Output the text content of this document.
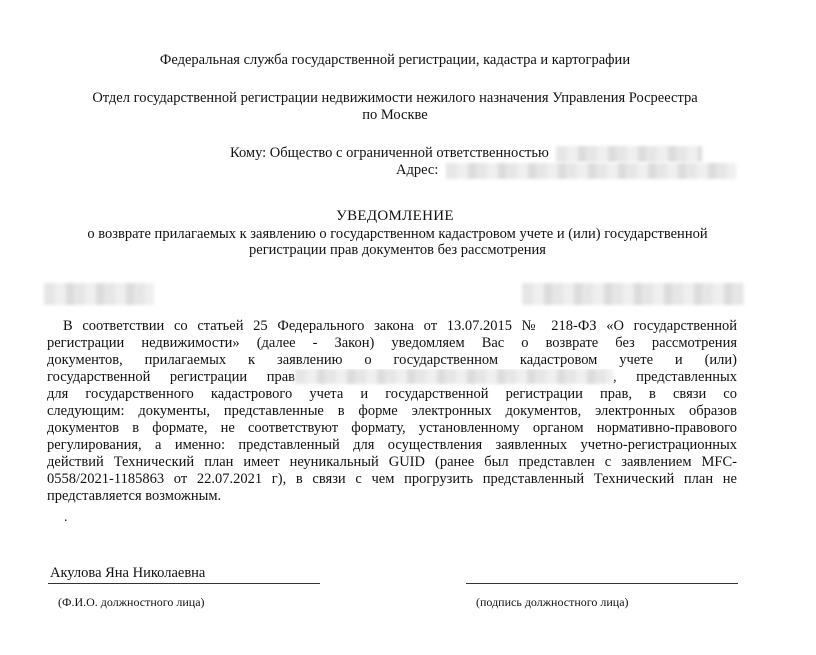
Федеральная служба государственной регистрации, кадастра и картографии
Отдел государственной регистрации недвижимости нежилого назначения Управления Росреестра
по Москве
Кому: Общество с ограниченной ответственностью
Адрес:
УВЕДОМЛЕНИЕ
о возврате прилагаемых к заявлению о государственном кадастровом учете и (или) государственной
регистрации прав документов без рассмотрения
В соответствии со статьей 25 Федерального закона от 13.07.2015 № 218-ФЗ «О государственной
регистрации недвижимости» (далее - Закон) уведомляем Вас о возврате без рассмотрения
документов, прилагаемых к заявлению о государственном кадастровом учете и (или)
государственной регистрации прав	, представленных
для государственного кадастрового учета и государственной регистрации прав, в связи со
следующим: документы, представленные в форме электронных документов, электронных образов
документов в формате, не соответствуют формату, установленному органом нормативно-правового
регулирования, а именно: представленный для осуществления заявленных учетно-регистрационных
действий Технический план имеет неуникальный GUID (ранее был представлен с заявлением MFC-
0558/2021-1185863 от 22.07.2021 г), в связи с чем прогрузить представленный Технический план не
представляется возможным.
.
Акулова Яна Николаевна
(Ф.И.О. должностного лица)	(подпись должностного лица)
